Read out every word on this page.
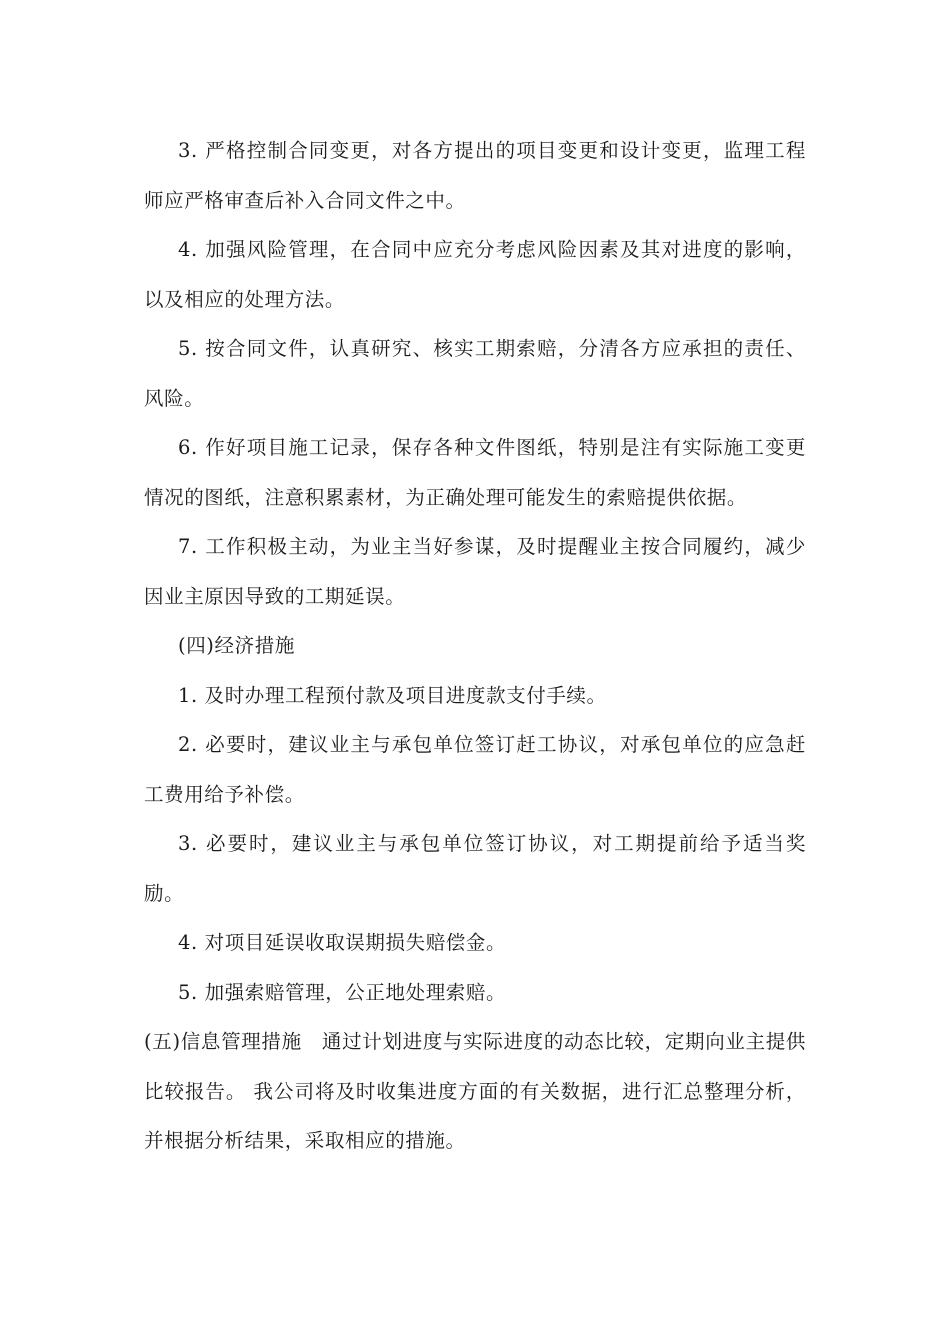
3. 严格控制合同变更，对各方提出的项目变更和设计变更，监理工程师应严格审查后补入合同文件之中。

4. 加强风险管理，在合同中应充分考虑风险因素及其对进度的影响，以及相应的处理方法。

5. 按合同文件，认真研究、核实工期索赔，分清各方应承担的责任、风险。

6. 作好项目施工记录，保存各种文件图纸，特别是注有实际施工变更情况的图纸，注意积累素材，为正确处理可能发生的索赔提供依据。

7. 工作积极主动，为业主当好参谋，及时提醒业主按合同履约，减少因业主原因导致的工期延误。

(四)经济措施

1. 及时办理工程预付款及项目进度款支付手续。

2. 必要时，建议业主与承包单位签订赶工协议，对承包单位的应急赶工费用给予补偿。

3. 必要时，建议业主与承包单位签订协议，对工期提前给予适当奖励。

4. 对项目延误收取误期损失赔偿金。

5. 加强索赔管理，公正地处理索赔。

(五)信息管理措施　通过计划进度与实际进度的动态比较，定期向业主提供比较报告。 我公司将及时收集进度方面的有关数据，进行汇总整理分析，并根据分析结果，采取相应的措施。
